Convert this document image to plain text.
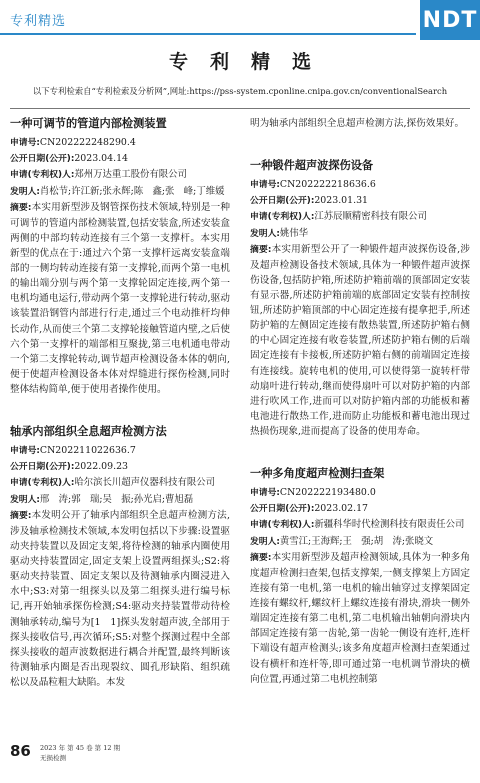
专利精选	NDT
专利精选
以下专利检索自“专利检索及分析网”,网址:https://pss-system.cponline.cnipa.gov.cn/conventionalSearch

一种可调节的管道内部检测装置

申请号:CN202222248290.4

公开日期(公开):2023.04.14

申请(专利权)人:郑州万达重工股份有限公司

发明人:肖松节;许江新;张永辉;陈　鑫;张　峰;丁维媛

摘要:本实用新型涉及钢管探伤技术领域,特别是一种可调节的管道内部检测装置,包括安装盒,所述安装盒两侧的中部均转动连接有三个第一支撑杆。本实用新型的优点在于:通过六个第一支撑杆远离安装盒端部的一侧均转动连接有第一支撑轮,而两个第一电机的输出端分别与两个第一支撑轮固定连接,两个第一电机均通电运行,带动两个第一支撑轮进行转动,驱动该装置沿钢管内部进行行走,通过三个电动推杆均伸长动作,从而使三个第二支撑轮接触管道内壁,之后使六个第一支撑杆的端部相互聚拢,第三电机通电带动一个第二支撑轮转动,调节超声检测设备本体的朝向,便于使超声检测设备本体对焊缝进行探伤检测,同时整体结构简单,便于使用者操作使用。

轴承内部组织全息超声检测方法

申请号:CN202211022636.7

公开日期(公开):2022.09.23

申请(专利权)人:哈尔滨长川超声仪器科技有限公司

发明人:邢　涛;郭　瑞;吴　振;孙光启;曹旭磊

摘要:本发明公开了轴承内部组织全息超声检测方法,涉及轴承检测技术领域,本发明包括以下步骤:设置驱动夹持装置以及固定支架,将待检测的轴承内圈使用驱动夹持装置固定,固定支架上设置两组探头;S2:将驱动夹持装置、固定支架以及待测轴承内圈浸进入水中;S3:对第一组探头以及第二组探头进行编号标记,再开始轴承探伤检测;S4:驱动夹持装置带动待检测轴承转动,编号为[1　1]探头发射超声波,全部用于探头接收信号,再次循环;S5:对整个探测过程中全部探头接收的超声波数据进行耦合并配置,最终判断该待测轴承内圈是否出现裂纹、圆孔形缺陷、组织疏松以及晶粒粗大缺陷。本发

明为轴承内部组织全息超声检测方法,探伤效果好。

一种锻件超声波探伤设备

申请号:CN202222218636.6

公开日期(公开):2023.01.31

申请(专利权)人:江苏辰顺精密科技有限公司

发明人:姚伟华

摘要:本实用新型公开了一种锻件超声波探伤设备,涉及超声检测设备技术领域,具体为一种锻件超声波探伤设备,包括防护箱,所述防护箱前端的顶部固定安装有显示器,所述防护箱前端的底部固定安装有控制按钮,所述防护箱顶部的中心固定连接有提拿把手,所述防护箱的左侧固定连接有散热装置,所述防护箱右侧的中心固定连接有收卷装置,所述防护箱右侧的后端固定连接有卡接板,所述防护箱右侧的前端固定连接有连接线。旋转电机的使用,可以使得第一旋转杆带动扇叶进行转动,继而使得扇叶可以对防护箱的内部进行吹风工作,进而可以对防护箱内部的功能板和蓄电池进行散热工作,进而防止功能板和蓄电池出现过热损伤现象,进而提高了设备的使用寿命。

一种多角度超声检测扫查架

申请号:CN202222193480.0

公开日期(公开):2023.02.17

申请(专利权)人:新疆科华时代检测科技有限责任公司

发明人:黄雪江;王海辉;王　强;胡　涛;张晓文

摘要:本实用新型涉及超声检测领域,具体为一种多角度超声检测扫查架,包括支撑架,一侧支撑架上方固定连接有第一电机,第一电机的输出轴穿过支撑架固定连接有螺纹杆,螺纹杆上螺纹连接有滑块,滑块一侧外端固定连接有第二电机,第二电机输出轴朝向滑块内部固定连接有第一齿轮,第一齿轮一侧设有连杆,连杆下端设有超声检测头;该多角度超声检测扫查架通过设有横杆和连杆等,即可通过第一电机调节滑块的横向位置,再通过第二电机控制第

86 2023 年 第 45 卷 第 12 期
无损检测
